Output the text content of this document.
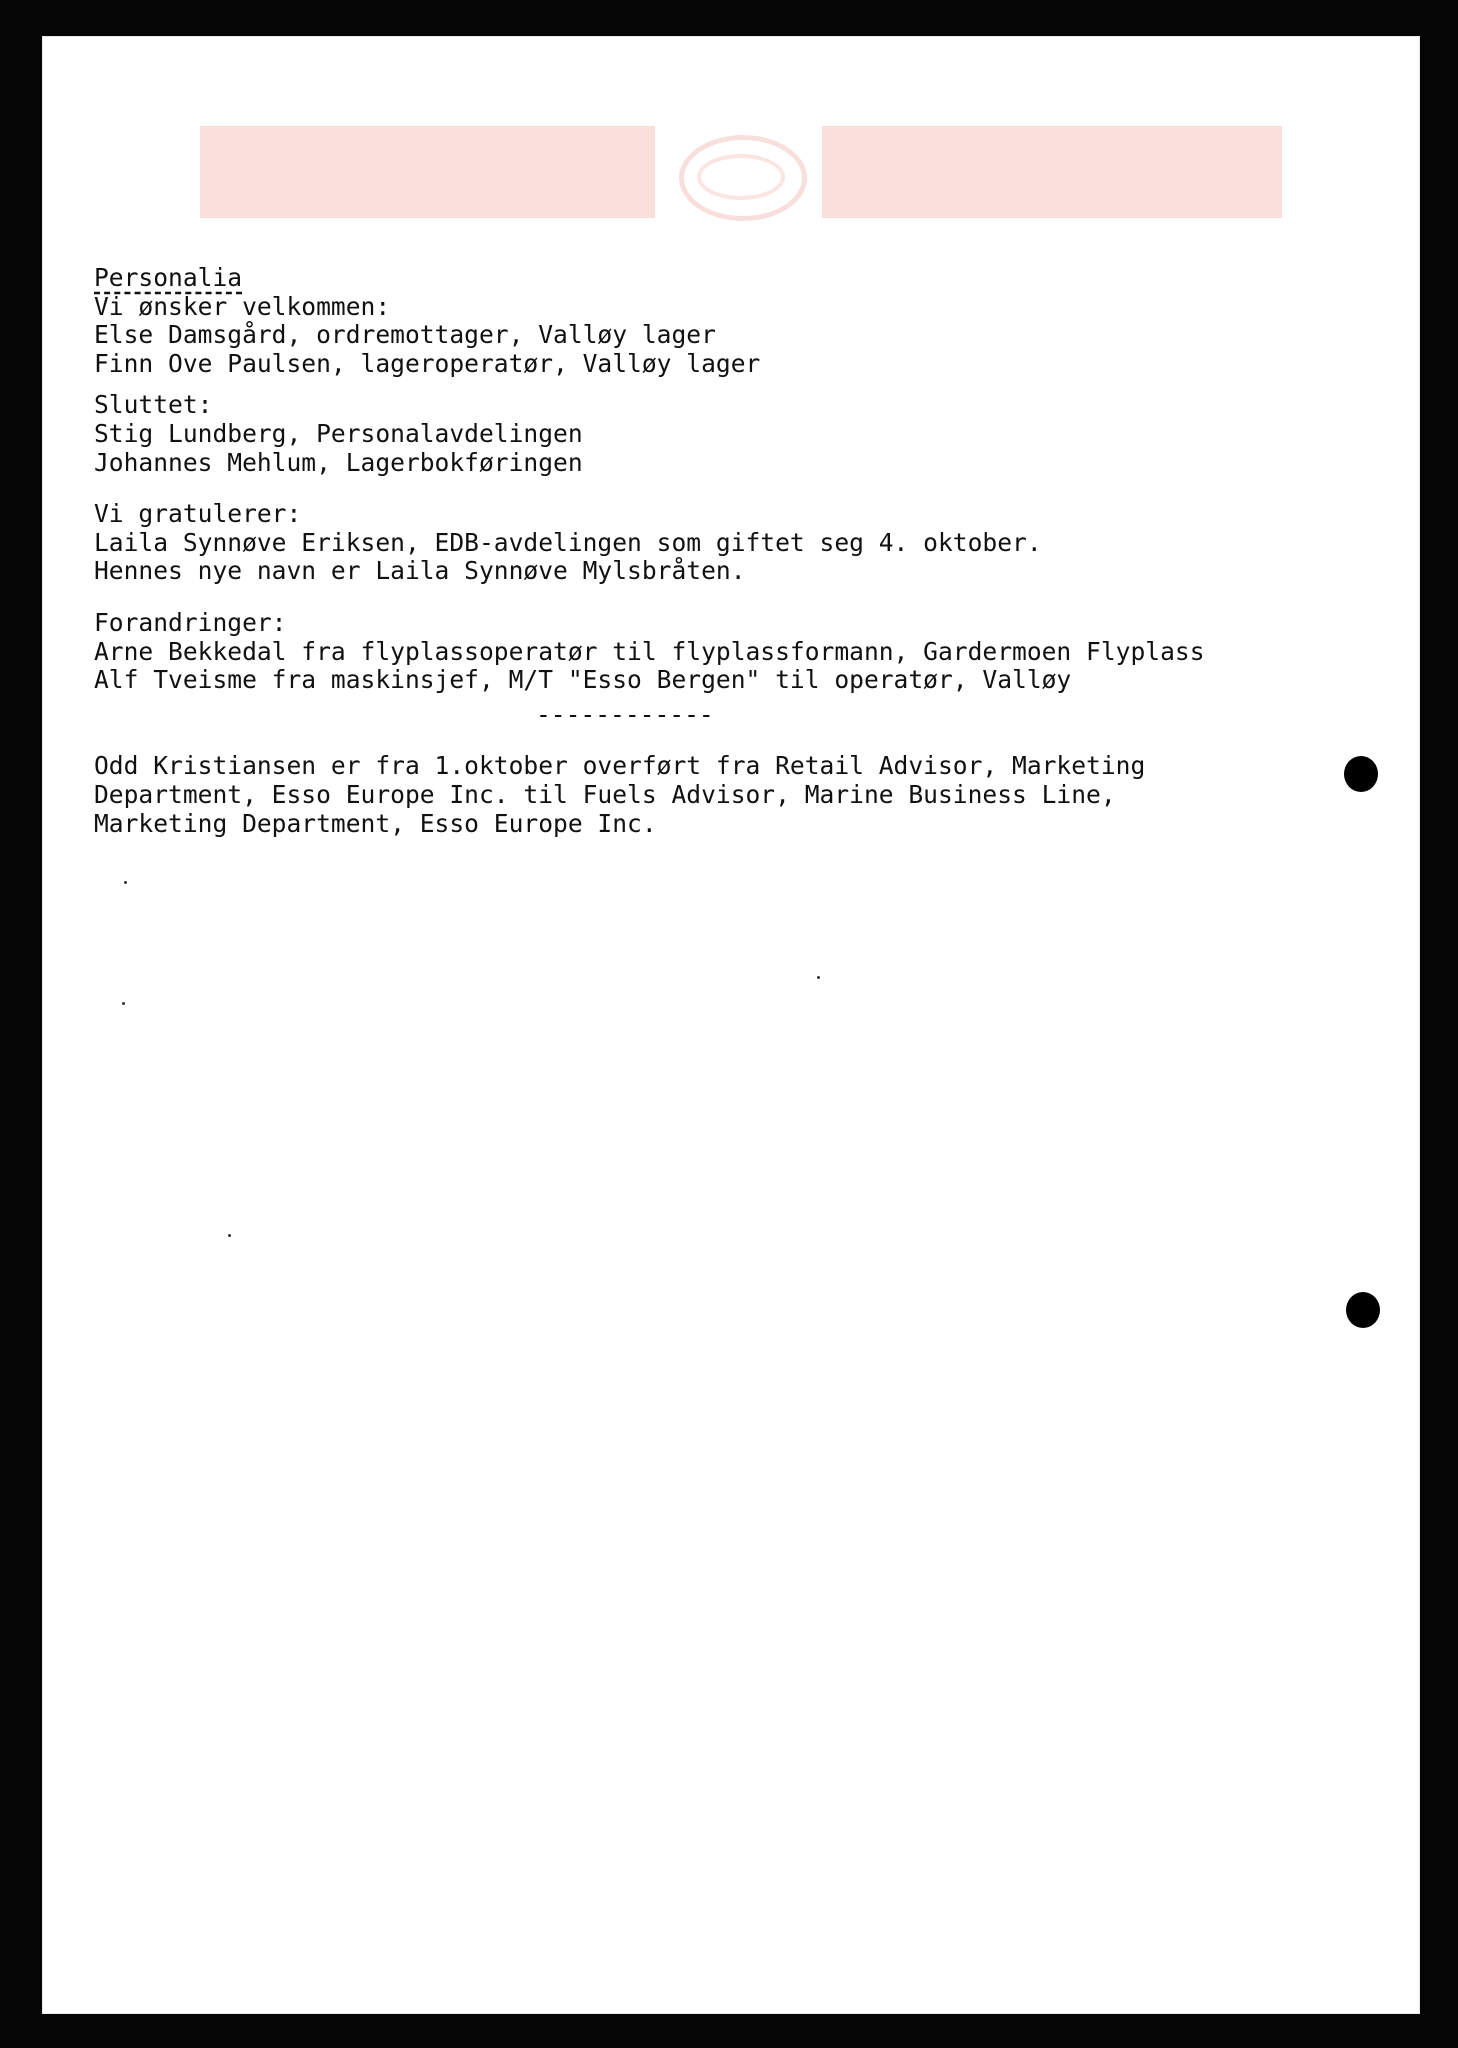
Personalia
Vi ønsker velkommen:
Else Damsgård, ordremottager, Valløy lager
Finn Ove Paulsen, lageroperatør, Valløy lager
Sluttet:
Stig Lundberg, Personalavdelingen
Johannes Mehlum, Lagerbokføringen
Vi gratulerer:
Laila Synnøve Eriksen, EDB-avdelingen som giftet seg 4. oktober.
Hennes nye navn er Laila Synnøve Mylsbråten.
Forandringer:
Arne Bekkedal fra flyplassoperatør til flyplassformann, Gardermoen Flyplass
Alf Tveisme fra maskinsjef, M/T "Esso Bergen" til operatør, Valløy
------------
Odd Kristiansen er fra 1.oktober overført fra Retail Advisor, Marketing
Department, Esso Europe Inc. til Fuels Advisor, Marine Business Line,
Marketing Department, Esso Europe Inc.
